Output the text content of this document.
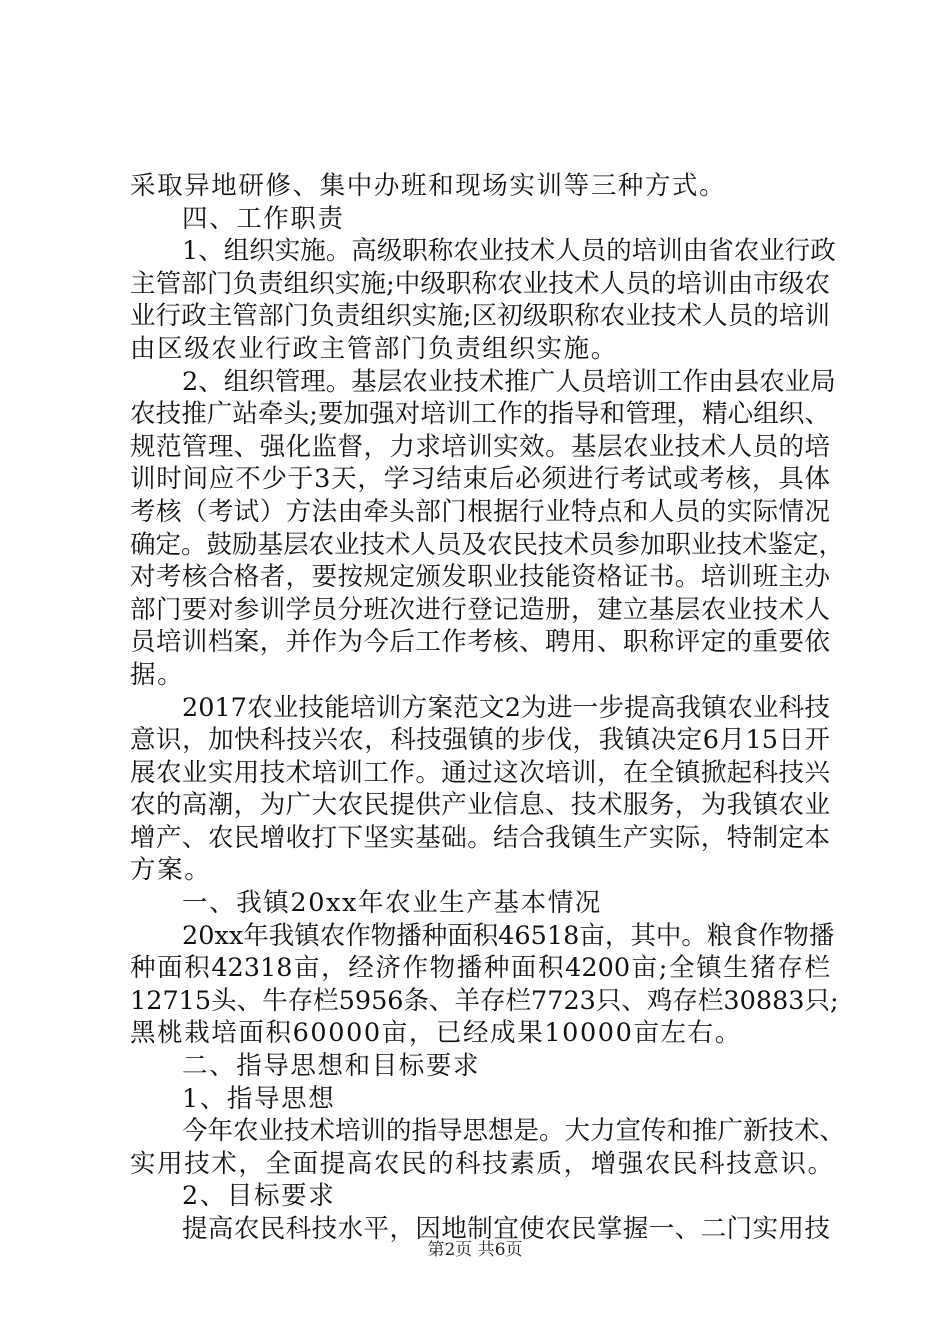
采取异地研修、集中办班和现场实训等三种方式。
四、工作职责
1、组织实施。高级职称农业技术人员的培训由省农业行政
主管部门负责组织实施;中级职称农业技术人员的培训由市级农
业行政主管部门负责组织实施;区初级职称农业技术人员的培训
由区级农业行政主管部门负责组织实施。
2、组织管理。基层农业技术推广人员培训工作由县农业局
农技推广站牵头;要加强对培训工作的指导和管理，精心组织、
规范管理、强化监督，力求培训实效。基层农业技术人员的培
训时间应不少于3天，学习结束后必须进行考试或考核，具体
考核（考试）方法由牵头部门根据行业特点和人员的实际情况
确定。鼓励基层农业技术人员及农民技术员参加职业技术鉴定，
对考核合格者，要按规定颁发职业技能资格证书。培训班主办
部门要对参训学员分班次进行登记造册，建立基层农业技术人
员培训档案，并作为今后工作考核、聘用、职称评定的重要依
据。
2017农业技能培训方案范文2为进一步提高我镇农业科技
意识，加快科技兴农，科技强镇的步伐，我镇决定6月15日开
展农业实用技术培训工作。通过这次培训，在全镇掀起科技兴
农的高潮，为广大农民提供产业信息、技术服务，为我镇农业
增产、农民增收打下坚实基础。结合我镇生产实际，特制定本
方案。
一、我镇20xx年农业生产基本情况
20xx年我镇农作物播种面积46518亩，其中。粮食作物播
种面积42318亩，经济作物播种面积4200亩;全镇生猪存栏
12715头、牛存栏5956条、羊存栏7723只、鸡存栏30883只;
黑桃栽培面积60000亩，已经成果10000亩左右。
二、指导思想和目标要求
1、指导思想
今年农业技术培训的指导思想是。大力宣传和推广新技术、
实用技术，全面提高农民的科技素质，增强农民科技意识。
2、目标要求
提高农民科技水平，因地制宜使农民掌握一、二门实用技
第2页 共6页
